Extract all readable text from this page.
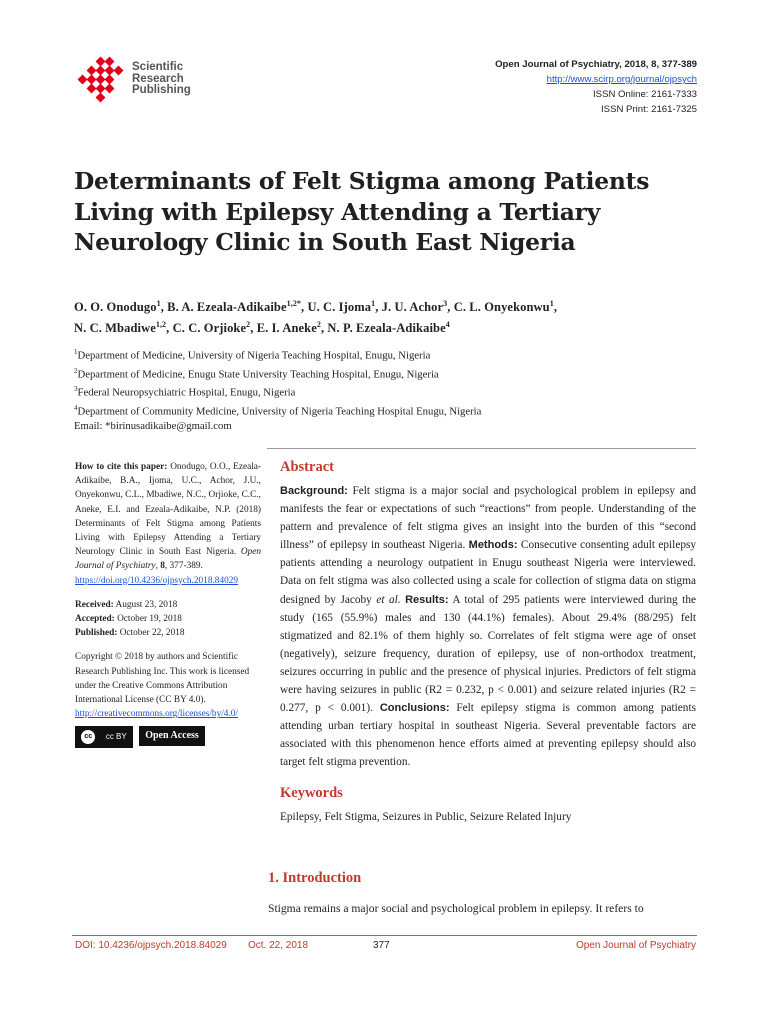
Scientific
Research
Publishing
Open Journal of Psychiatry, 2018, 8, 377-389
http://www.scirp.org/journal/ojpsych
ISSN Online: 2161-7333
ISSN Print: 2161-7325
Determinants of Felt Stigma among Patients Living with Epilepsy Attending a Tertiary Neurology Clinic in South East Nigeria
O. O. Onodugo$^1$, B. A. Ezeala-Adikaibe$^{1,2*}$, U. C. Ijoma$^1$, J. U. Achor$^3$, C. L. Onyekonwu$^1$,
N. C. Mbadiwe$^{1,2}$, C. C. Orjioke$^2$, E. I. Aneke$^2$, N. P. Ezeala-Adikaibe$^4$
$^1$Department of Medicine, University of Nigeria Teaching Hospital, Enugu, Nigeria
$^2$Department of Medicine, Enugu State University Teaching Hospital, Enugu, Nigeria
$^3$Federal Neuropsychiatric Hospital, Enugu, Nigeria
$^4$Department of Community Medicine, University of Nigeria Teaching Hospital Enugu, Nigeria
Email: *birinusadikaibe@gmail.com

How to cite this paper: Onodugo, O.O., Ezeala-Adikaibe, B.A., Ijoma, U.C., Achor, J.U., Onyekonwu, C.L., Mbadiwe, N.C., Orjioke, C.C., Aneke, E.I. and Ezeala-Adikaibe, N.P. (2018) Determinants of Felt Stigma among Patients Living with Epilepsy Attending a Tertiary Neurology Clinic in South East Nigeria. Open Journal of Psychiatry, 8, 377-389.
https://doi.org/10.4236/ojpsych.2018.84029

Received: August 23, 2018

Accepted: October 19, 2018

Published: October 22, 2018

Copyright © 2018 by authors and Scientific Research Publishing Inc. This work is licensed under the Creative Commons Attribution International License (CC BY 4.0).
http://creativecommons.org/licenses/by/4.0/

cc	cc BY	Open Access
Abstract

Background: Felt stigma is a major social and psychological problem in epilepsy and manifests the fear or expectations of such “reactions” from people. Understanding of the pattern and prevalence of felt stigma gives an insight into the burden of this “second illness” of epilepsy in southeast Nigeria. Methods: Consecutive consenting adult epilepsy patients attending a neurology outpatient in Enugu southeast Nigeria were interviewed. Data on felt stigma was also collected using a scale for collection of stigma data on stigma designed by Jacoby et al. Results: A total of 295 patients were interviewed during the study (165 (55.9%) males and 130 (44.1%) females). About 29.4% (88/295) felt stigmatized and 82.1% of them highly so. Correlates of felt stigma were age of onset (negatively), seizure frequency, duration of epilepsy, use of non-orthodox treatment, seizures occurring in public and the presence of physical injuries. Predictors of felt stigma were having seizures in public (R2 = 0.232, p < 0.001) and seizure related injuries (R2 = 0.277, p < 0.001). Conclusions: Felt epilepsy stigma is common among patients attending urban tertiary hospital in southeast Nigeria. Several preventable factors are associated with this phenomenon hence efforts aimed at preventing epilepsy should also target felt stigma prevention.

Keywords

Epilepsy, Felt Stigma, Seizures in Public, Seizure Related Injury

1. Introduction
Stigma remains a major social and psychological problem in epilepsy. It refers to
DOI: 10.4236/ojpsych.2018.84029 Oct. 22, 2018	377	Open Journal of Psychiatry
